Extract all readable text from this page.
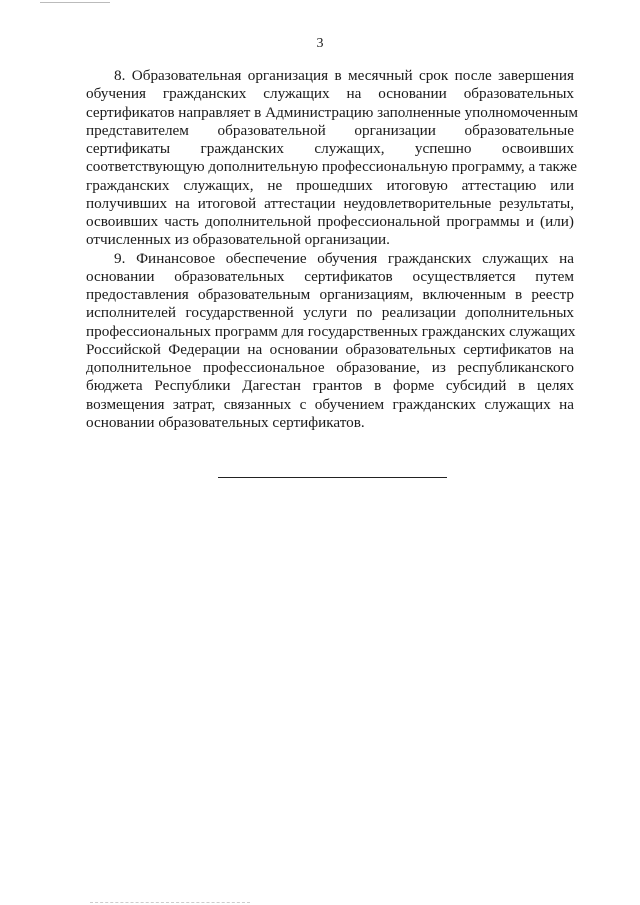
3
8. Образовательная организация в месячный срок после завершения
обучения гражданских служащих на основании образовательных
сертификатов направляет в Администрацию заполненные уполномоченным
представителем образовательной организации образовательные
сертификаты гражданских служащих, успешно освоивших
соответствующую дополнительную профессиональную программу, а также
гражданских служащих, не прошедших итоговую аттестацию или
получивших на итоговой аттестации неудовлетворительные результаты,
освоивших часть дополнительной профессиональной программы и (или)
отчисленных из образовательной организации.
9. Финансовое обеспечение обучения гражданских служащих на
основании образовательных сертификатов осуществляется путем
предоставления образовательным организациям, включенным в реестр
исполнителей государственной услуги по реализации дополнительных
профессиональных программ для государственных гражданских служащих
Российской Федерации на основании образовательных сертификатов на
дополнительное профессиональное образование, из республиканского
бюджета Республики Дагестан грантов в форме субсидий в целях
возмещения затрат, связанных с обучением гражданских служащих на
основании образовательных сертификатов.
